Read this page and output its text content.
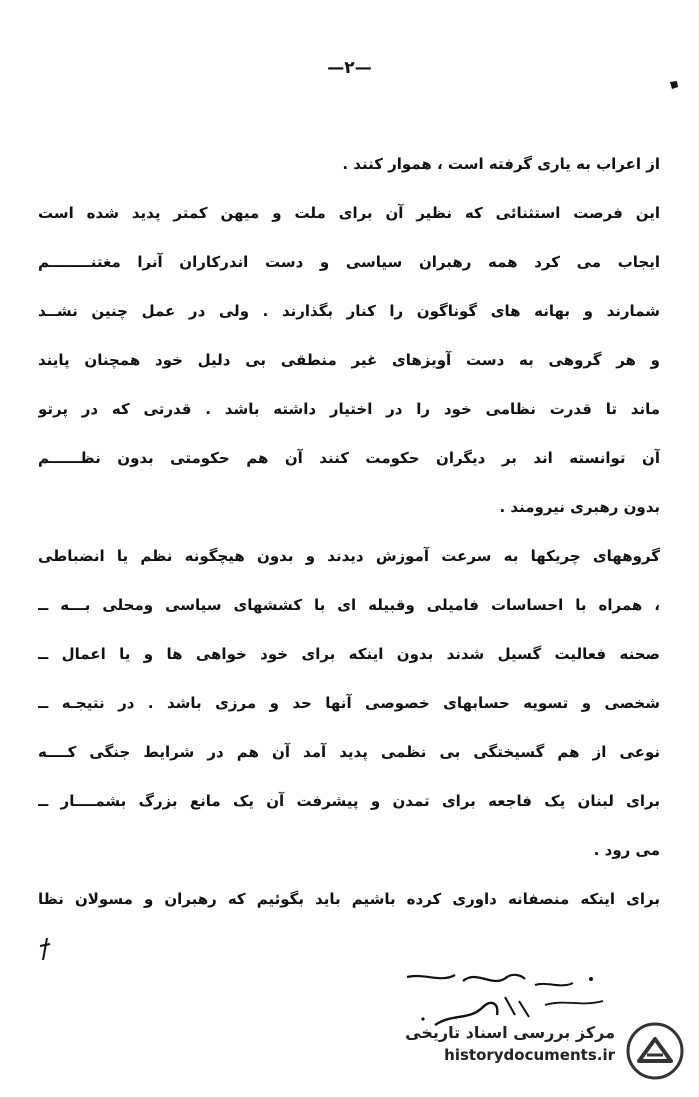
—٢—
از اعراب به یاری گرفته است ، هموار کنند .
این فرصت استثنائی که نظیر آن برای ملت و میهن کمتر پدید شده است
ایجاب می کرد همه رهبران سیاسی و دست اندرکاران آنرا مغتنــــــــم
شمارند و بهانه های گوناگون را کنار بگذارند . ولی در عمل چنین نشــد
و هر گروهی به دست آویزهای غیر منطقی بی دلیل خود همچنان پایند
ماند تا قدرت نظامی خود را در اختیار داشته باشد . قدرتی که در پرتو
آن توانسته اند بر دیگران حکومت کنند آن هم حکومتی بدون نظــــــم
بدون رهبری نیرومند .
گروههای چریکها به سرعت آموزش دیدند و بدون هیچگونه نظم یا انضباطی
، همراه با احساسات فامیلی وقبیله ای با کششهای سیاسی ومحلی بـــه ــ
صحنه فعالیت گسیل شدند بدون اینکه برای خود خواهی ها و یا اعمال ــ
شخصی و تسویه حسابهای خصوصی آنها حد و مرزی باشد . در نتیجـه ــ
نوعی از هم گسیختگی بی نظمی پدید آمد آن هم در شرایط جنگی کــــه
برای لبنان یک فاجعه برای تمدن و پیشرفت آن یک مانع بزرگ بشمــــار ــ
می رود .
برای اینکه منصفانه داوری کرده باشیم باید بگوئیم که رهبران و مسولان نظا
مرکز بررسی اسناد تاریخی
historydocuments.ir
